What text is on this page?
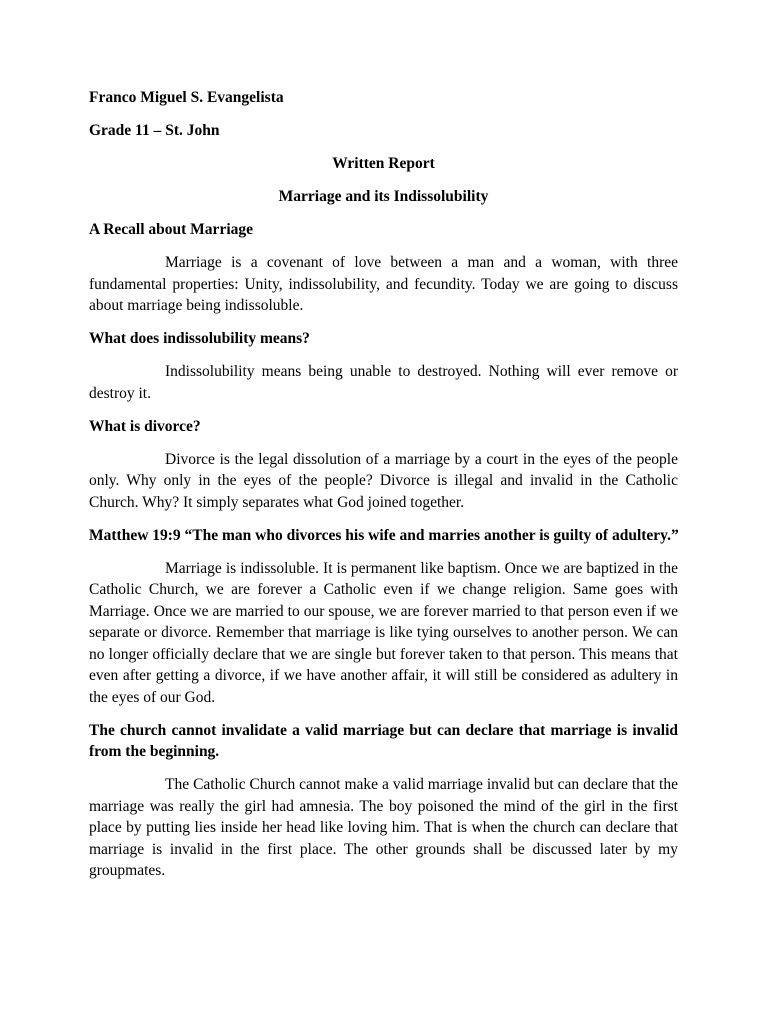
Franco Miguel S. Evangelista

Grade 11 – St. John

Written Report

Marriage and its Indissolubility

A Recall about Marriage

Marriage is a covenant of love between a man and a woman, with three fundamental properties: Unity, indissolubility, and fecundity. Today we are going to discuss about marriage being indissoluble.

What does indissolubility means?

Indissolubility means being unable to destroyed. Nothing will ever remove or destroy it.

What is divorce?

Divorce is the legal dissolution of a marriage by a court in the eyes of the people only. Why only in the eyes of the people? Divorce is illegal and invalid in the Catholic Church. Why? It simply separates what God joined together.

Matthew 19:9 “The man who divorces his wife and marries another is guilty of adultery.”

Marriage is indissoluble. It is permanent like baptism. Once we are baptized in the Catholic Church, we are forever a Catholic even if we change religion. Same goes with Marriage. Once we are married to our spouse, we are forever married to that person even if we separate or divorce. Remember that marriage is like tying ourselves to another person. We can no longer officially declare that we are single but forever taken to that person. This means that even after getting a divorce, if we have another affair, it will still be considered as adultery in the eyes of our God.

The church cannot invalidate a valid marriage but can declare that marriage is invalid from the beginning.

The Catholic Church cannot make a valid marriage invalid but can declare that the marriage was really the girl had amnesia. The boy poisoned the mind of the girl in the first place by putting lies inside her head like loving him. That is when the church can declare that marriage is invalid in the first place. The other grounds shall be discussed later by my groupmates.
